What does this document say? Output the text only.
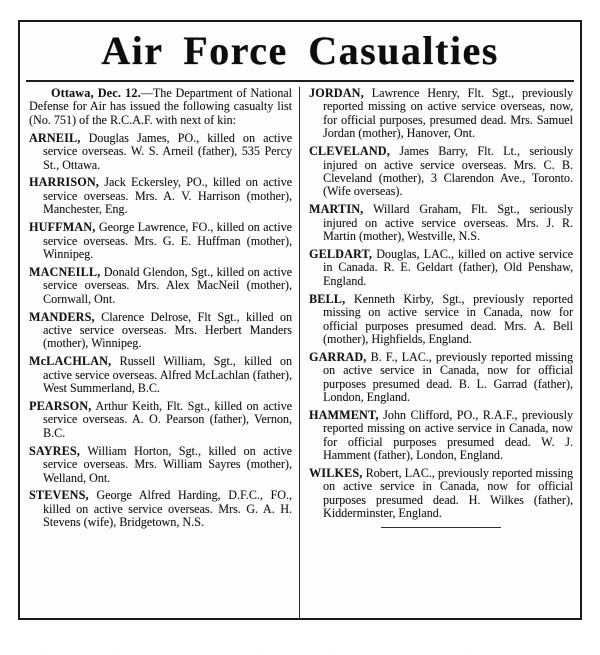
Air Force Casualties

Ottawa, Dec. 12.—The Department of National Defense for Air has issued the following casualty list (No. 751) of the R.C.A.F. with next of kin:

ARNEIL, Douglas James, PO., killed on active service overseas. W. S. Arneil (father), 535 Percy St., Ottawa.

HARRISON, Jack Eckersley, PO., killed on active service overseas. Mrs. A. V. Harrison (mother), Manchester, Eng.

HUFFMAN, George Lawrence, FO., killed on active service overseas. Mrs. G. E. Huffman (mother), Winnipeg.

MACNEILL, Donald Glendon, Sgt., killed on active service overseas. Mrs. Alex MacNeil (mother), Cornwall, Ont.

MANDERS, Clarence Delrose, Flt Sgt., killed on active service overseas. Mrs. Herbert Manders (mother), Winnipeg.

McLACHLAN, Russell William, Sgt., killed on active service overseas. Alfred McLachlan (father), West Summerland, B.C.

PEARSON, Arthur Keith, Flt. Sgt., killed on active service overseas. A. O. Pearson (father), Vernon, B.C.

SAYRES, William Horton, Sgt., killed on active service overseas. Mrs. William Sayres (mother), Welland, Ont.

STEVENS, George Alfred Harding, D.F.C., FO., killed on active service overseas. Mrs. G. A. H. Stevens (wife), Bridgetown, N.S.

JORDAN, Lawrence Henry, Flt. Sgt., previously reported missing on active service overseas, now, for official purposes, presumed dead. Mrs. Samuel Jordan (mother), Hanover, Ont.

CLEVELAND, James Barry, Flt. Lt., seriously injured on active service overseas. Mrs. C. B. Cleveland (mother), 3 Clarendon Ave., Toronto. (Wife overseas).

MARTIN, Willard Graham, Flt. Sgt., seriously injured on active service overseas. Mrs. J. R. Martin (mother), Westville, N.S.

GELDART, Douglas, LAC., killed on active service in Canada. R. E. Geldart (father), Old Penshaw, England.

BELL, Kenneth Kirby, Sgt., previously reported missing on active service in Canada, now for official purposes presumed dead. Mrs. A. Bell (mother), Highfields, England.

GARRAD, B. F., LAC., previously reported missing on active service in Canada, now for official purposes presumed dead. B. L. Garrad (father), London, England.

HAMMENT, John Clifford, PO., R.A.F., previously reported missing on active service in Canada, now for official purposes presumed dead. W. J. Hamment (father), London, England.

WILKES, Robert, LAC., previously reported missing on active service in Canada, now for official purposes presumed dead. H. Wilkes (father), Kidderminster, England.
